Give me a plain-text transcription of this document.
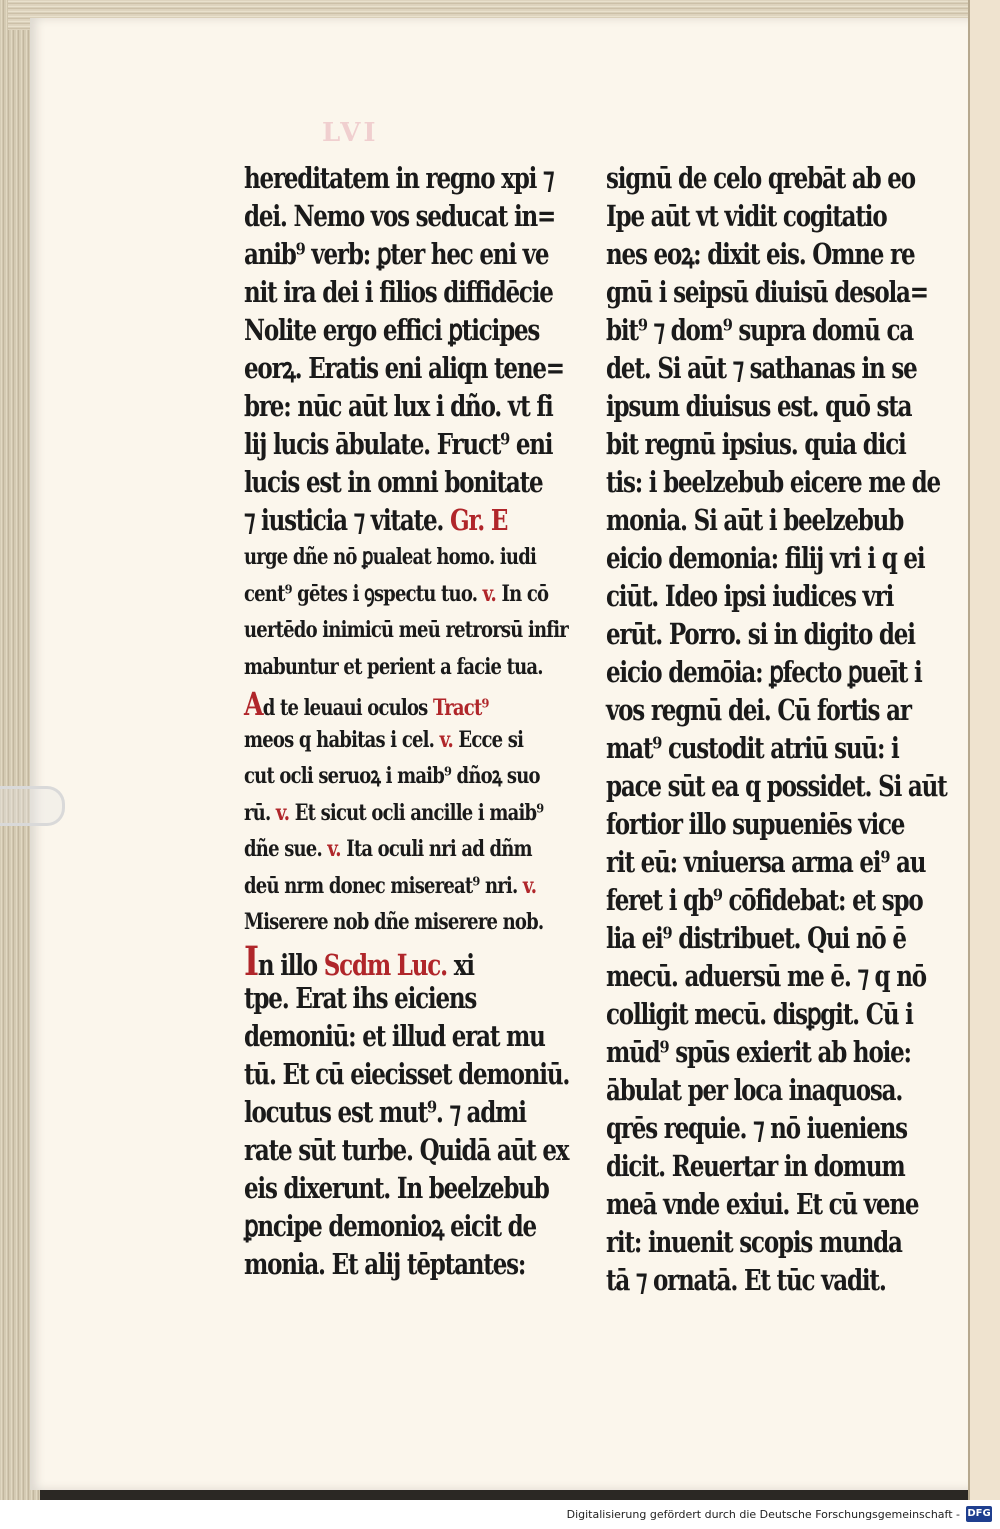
LVI
hereditatem in regno xpi ⁊
dei. Nemo vos seducat in=
anib⁹ verb: ꝑter hec eni ve
nit ira dei i filios diffidēcie
Nolite ergo effici ꝑticipes
eorꝝ. Eratis eni aliqn tene=
bre: nūc aūt lux i dño. vt fi
lij lucis ābulate. Fruct⁹ eni
lucis est in omni bonitate
⁊ iusticia ⁊ vitate. Gr. E
urge dñe nō ꝑualeat homo. iudi
cent⁹ gētes i ꝯspectu tuo. v. In cō
uertēdo inimicū meū retrorsū infir
mabuntur et perient a facie tua.
Ad te leuaui oculos Tract⁹
meos q habitas i cel. v. Ecce si
cut ocli seruoꝝ i maib⁹ dñoꝝ suo
rū. v. Et sicut ocli ancille i maib⁹
dñe sue. v. Ita oculi nri ad dñm
deū nrm donec misereat⁹ nri. v.
Miserere nob dñe miserere nob.
In illo Scdm Luc. xi
tpe. Erat ihs eiciens
demoniū: et illud erat mu
tū. Et cū eiecisset demoniū.
locutus est mut⁹. ⁊ admi
rate sūt turbe. Quidā aūt ex
eis dixerunt. In beelzebub
ꝑncipe demonioꝝ eicit de
monia. Et alij tēptantes:
signū de celo qrebāt ab eo
Ipe aūt vt vidit cogitatio
nes eoꝝ: dixit eis. Omne re
gnū i seipsū diuisū desola=
bit⁹ ⁊ dom⁹ supra domū ca
det. Si aūt ⁊ sathanas in se
ipsum diuisus est. quō sta
bit regnū ipsius. quia dici
tis: i beelzebub eicere me de
monia. Si aūt i beelzebub
eicio demonia: filij vri i q ei
ciūt. Ideo ipsi iudices vri
erūt. Porro. si in digito dei
eicio demōia: ꝑfecto ꝑueīt i
vos regnū dei. Cū fortis ar
mat⁹ custodit atriū suū: i
pace sūt ea q possidet. Si aūt
fortior illo supueniēs vice
rit eū: vniuersa arma ei⁹ au
feret i qb⁹ cōfidebat: et spo
lia ei⁹ distribuet. Qui nō ē
mecū. aduersū me ē. ⁊ q nō
colligit mecū. disꝑgit. Cū i
mūd⁹ spūs exierit ab hoie:
ābulat per loca inaquosa.
qrēs requie. ⁊ nō iueniens
dicit. Reuertar in domum
meā vnde exiui. Et cū vene
rit: inuenit scopis munda
tā ⁊ ornatā. Et tūc vadit.
Digitalisierung gefördert durch die Deutsche Forschungsgemeinschaft - DFG
